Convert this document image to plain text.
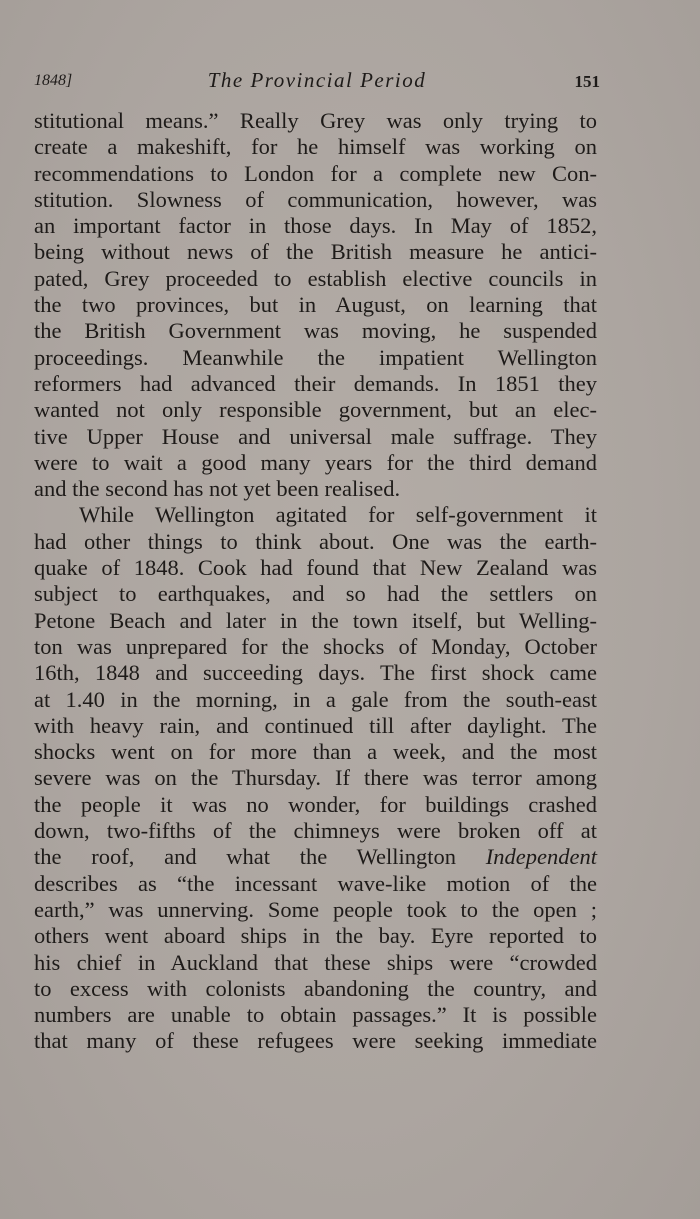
1848]	The Provincial Period	151
stitutional means.” Really Grey was only trying to
create a makeshift, for he himself was working on
recommendations to London for a complete new Con-
stitution. Slowness of communication, however, was
an important factor in those days. In May of 1852,
being without news of the British measure he antici-
pated, Grey proceeded to establish elective councils in
the two provinces, but in August, on learning that
the British Government was moving, he suspended
proceedings. Meanwhile the impatient Wellington
reformers had advanced their demands. In 1851 they
wanted not only responsible government, but an elec-
tive Upper House and universal male suffrage. They
were to wait a good many years for the third demand
and the second has not yet been realised.
While Wellington agitated for self-government it
had other things to think about. One was the earth-
quake of 1848. Cook had found that New Zealand was
subject to earthquakes, and so had the settlers on
Petone Beach and later in the town itself, but Welling-
ton was unprepared for the shocks of Monday, October
16th, 1848 and succeeding days. The first shock came
at 1.40 in the morning, in a gale from the south-east
with heavy rain, and continued till after daylight. The
shocks went on for more than a week, and the most
severe was on the Thursday. If there was terror among
the people it was no wonder, for buildings crashed
down, two-fifths of the chimneys were broken off at
the roof, and what the Wellington Independent
describes as “the incessant wave-like motion of the
earth,” was unnerving. Some people took to the open ;
others went aboard ships in the bay. Eyre reported to
his chief in Auckland that these ships were “crowded
to excess with colonists abandoning the country, and
numbers are unable to obtain passages.” It is possible
that many of these refugees were seeking immediate
